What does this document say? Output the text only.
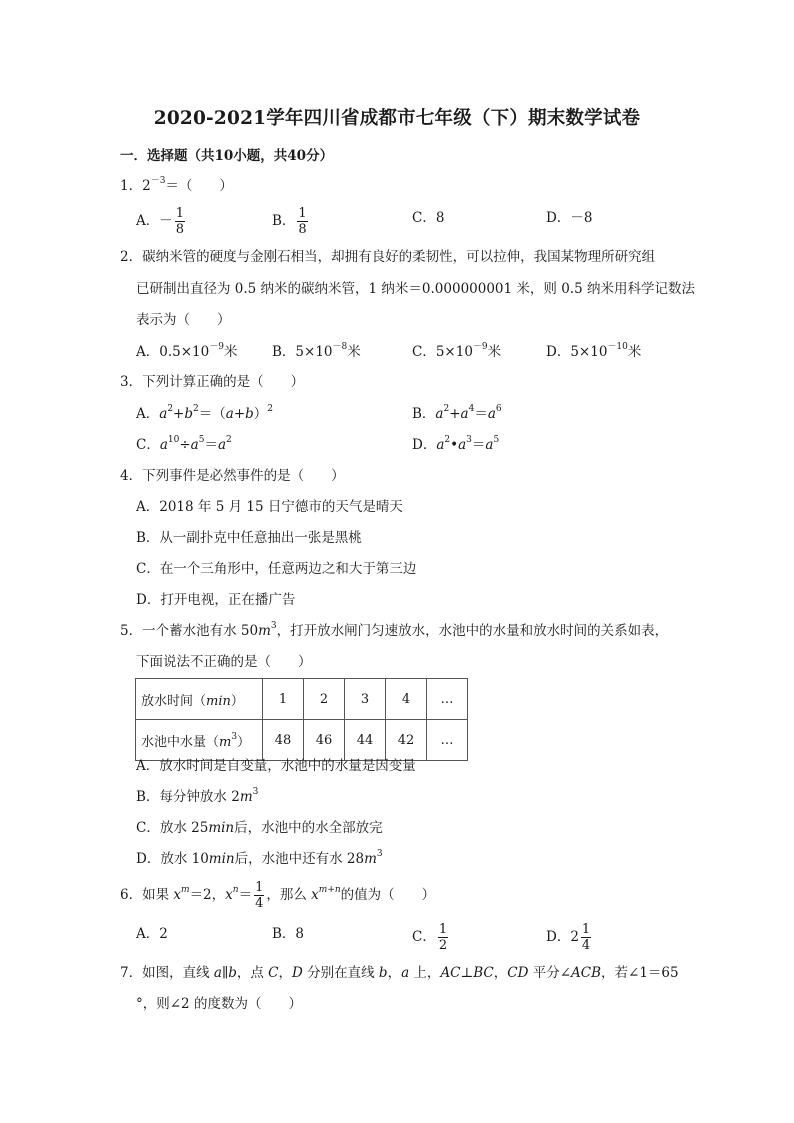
2020-2021学年四川省成都市七年级（下）期末数学试卷
一．选择题（共10小题，共40分）
1．$2^{-3}=$（　　）
A．－ $\frac{1}{8}$	B． $\frac{1}{8}$	C．8	D．－8
2．碳纳米管的硬度与金刚石相当，却拥有良好的柔韧性，可以拉伸，我国某物理所研究组
已研制出直径为 0.5 纳米的碳纳米管，1 纳米＝0.000000001 米，则 0.5 纳米用科学记数法
表示为（　　）
A．$0.5\times 10^{-9}$米	B．$5\times 10^{-8}$米	C．$5\times 10^{-9}$米	D．$5\times 10^{-10}$米
3．下列计算正确的是（　　）
A．$a^2+b^2=(a+b)^2$	B．$a^2+a^4=a^6$
C．$a^{10}\div a^5=a^2$	D．$a^2•a^3=a^5$
4．下列事件是必然事件的是（　　）
A．2018 年 5 月 15 日宁德市的天气是晴天
B．从一副扑克中任意抽出一张是黑桃
C．在一个三角形中，任意两边之和大于第三边
D．打开电视，正在播广告
5．一个蓄水池有水 $50m^3$，打开放水闸门匀速放水，水池中的水量和放水时间的关系如表，
下面说法不正确的是（　　）
放水时间（min）	1	2	3	4	…
水池中水量$(m^3)$	48	46	44	42	…
A．放水时间是自变量，水池中的水量是因变量
B．每分钟放水 $2m^3$
C．放水 25min后，水池中的水全部放完
D．放水 10min后，水池中还有水 $28m^3$
6．如果 $x^m=2$，$x^n= \frac{1}{4}$ ，那么 $x^{m+n}$的值为（　　）
A．2	B．8	C． $\frac{1}{2}$	D．$2 \frac{1}{4}$
7．如图，直线 a∥b，点 C，D 分别在直线 b，a 上，AC⊥BC，CD 平分∠ACB，若∠1＝65
°，则∠2 的度数为（　　）
